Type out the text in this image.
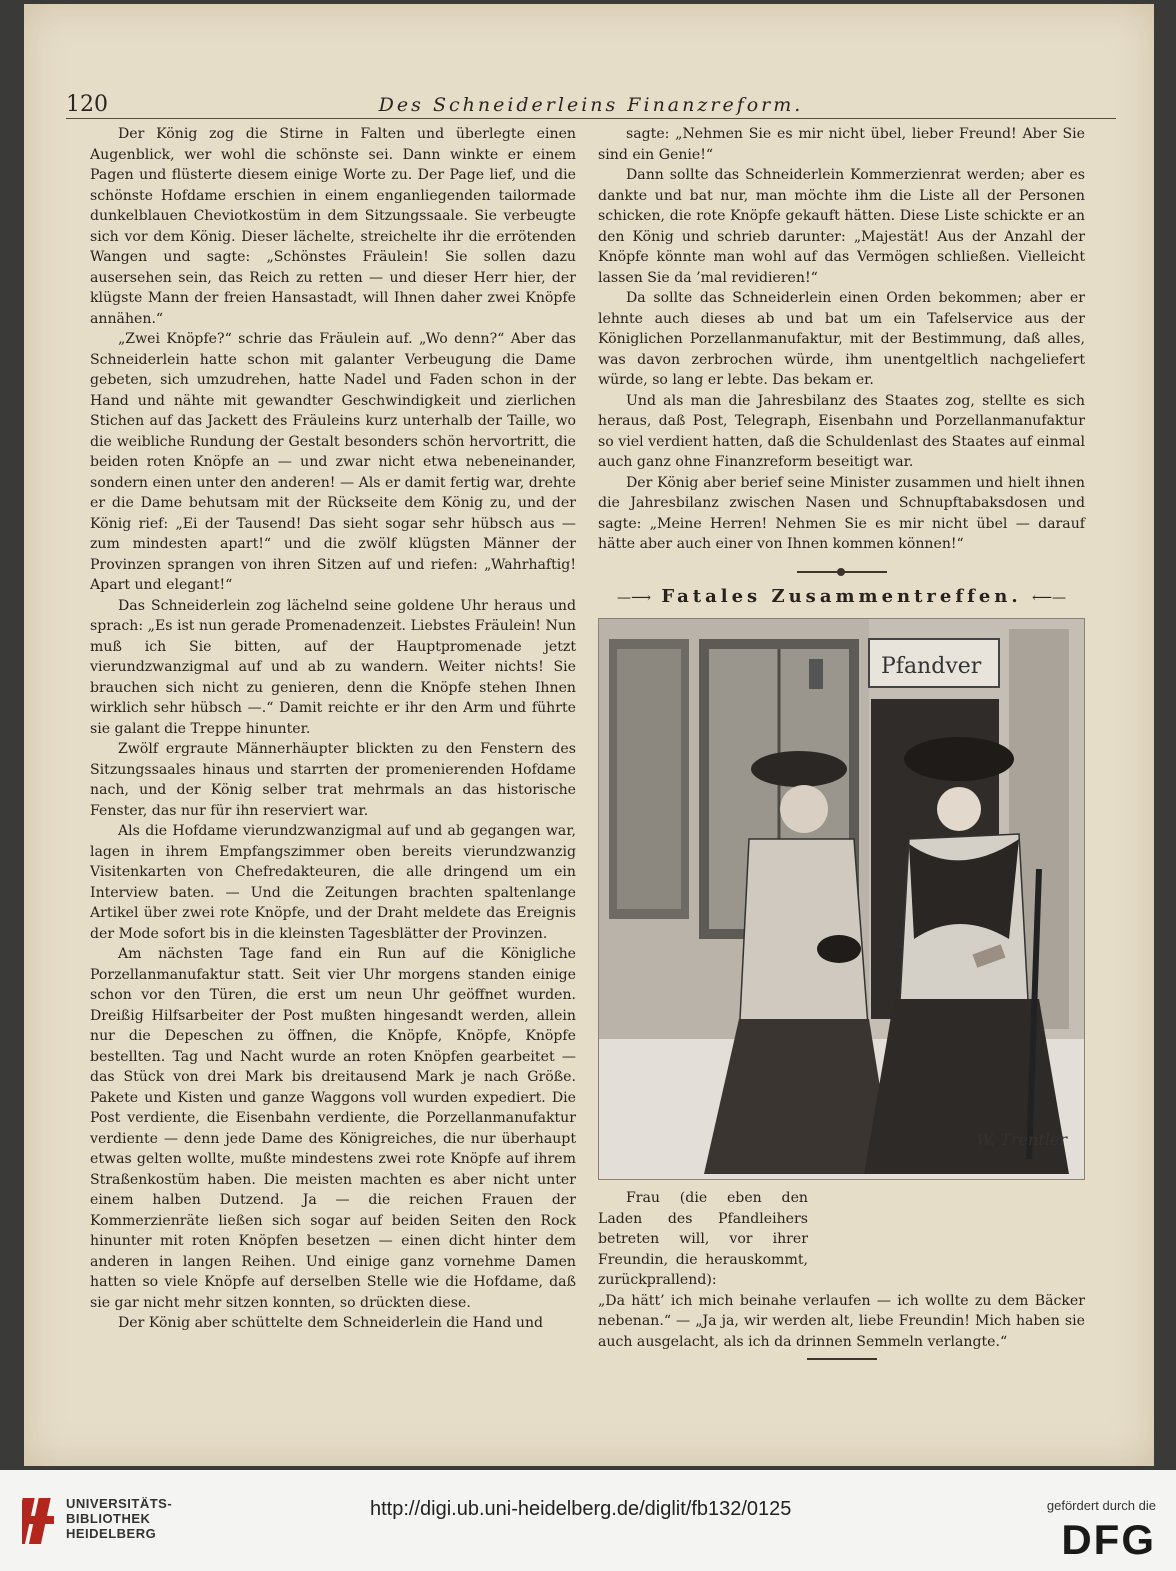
120	Des Schneiderleins Finanzreform.

Der König zog die Stirne in Falten und überlegte einen Augenblick, wer wohl die schönste sei. Dann winkte er einem Pagen und flüsterte diesem einige Worte zu. Der Page lief, und die schönste Hofdame erschien in einem enganliegenden tailormade dunkelblauen Cheviotkostüm in dem Sitzungssaale. Sie verbeugte sich vor dem König. Dieser lächelte, streichelte ihr die errötenden Wangen und sagte: „Schönstes Fräulein! Sie sollen dazu ausersehen sein, das Reich zu retten — und dieser Herr hier, der klügste Mann der freien Hansastadt, will Ihnen daher zwei Knöpfe annähen.“

„Zwei Knöpfe?“ schrie das Fräulein auf. „Wo denn?“ Aber das Schneiderlein hatte schon mit galanter Verbeugung die Dame gebeten, sich umzudrehen, hatte Nadel und Faden schon in der Hand und nähte mit gewandter Geschwindigkeit und zierlichen Stichen auf das Jackett des Fräuleins kurz unterhalb der Taille, wo die weibliche Rundung der Gestalt besonders schön hervortritt, die beiden roten Knöpfe an — und zwar nicht etwa nebeneinander, sondern einen unter den anderen! — Als er damit fertig war, drehte er die Dame behutsam mit der Rückseite dem König zu, und der König rief: „Ei der Tausend! Das sieht sogar sehr hübsch aus — zum mindesten apart!“ und die zwölf klügsten Männer der Provinzen sprangen von ihren Sitzen auf und riefen: „Wahrhaftig! Apart und elegant!“

Das Schneiderlein zog lächelnd seine goldene Uhr heraus und sprach: „Es ist nun gerade Promenadenzeit. Liebstes Fräulein! Nun muß ich Sie bitten, auf der Hauptpromenade jetzt vierundzwanzigmal auf und ab zu wandern. Weiter nichts! Sie brauchen sich nicht zu genieren, denn die Knöpfe stehen Ihnen wirklich sehr hübsch —.“ Damit reichte er ihr den Arm und führte sie galant die Treppe hinunter.

Zwölf ergraute Männerhäupter blickten zu den Fenstern des Sitzungssaales hinaus und starrten der promenierenden Hofdame nach, und der König selber trat mehrmals an das historische Fenster, das nur für ihn reserviert war.

Als die Hofdame vierundzwanzigmal auf und ab gegangen war, lagen in ihrem Empfangszimmer oben bereits vierundzwanzig Visitenkarten von Chefredakteuren, die alle dringend um ein Interview baten. — Und die Zeitungen brachten spaltenlange Artikel über zwei rote Knöpfe, und der Draht meldete das Ereignis der Mode sofort bis in die kleinsten Tagesblätter der Provinzen.

Am nächsten Tage fand ein Run auf die Königliche Porzellanmanufaktur statt. Seit vier Uhr morgens standen einige schon vor den Türen, die erst um neun Uhr geöffnet wurden. Dreißig Hilfsarbeiter der Post mußten hingesandt werden, allein nur die Depeschen zu öffnen, die Knöpfe, Knöpfe, Knöpfe bestellten. Tag und Nacht wurde an roten Knöpfen gearbeitet — das Stück von drei Mark bis dreitausend Mark je nach Größe. Pakete und Kisten und ganze Waggons voll wurden expediert. Die Post verdiente, die Eisenbahn verdiente, die Porzellanmanufaktur verdiente — denn jede Dame des Königreiches, die nur überhaupt etwas gelten wollte, mußte mindestens zwei rote Knöpfe auf ihrem Straßenkostüm haben. Die meisten machten es aber nicht unter einem halben Dutzend. Ja — die reichen Frauen der Kommerzienräte ließen sich sogar auf beiden Seiten den Rock hinunter mit roten Knöpfen besetzen — einen dicht hinter dem anderen in langen Reihen. Und einige ganz vornehme Damen hatten so viele Knöpfe auf derselben Stelle wie die Hofdame, daß sie gar nicht mehr sitzen konnten, so drückten diese.

Der König aber schüttelte dem Schneiderlein die Hand und

sagte: „Nehmen Sie es mir nicht übel, lieber Freund! Aber Sie sind ein Genie!“

Dann sollte das Schneiderlein Kommerzienrat werden; aber es dankte und bat nur, man möchte ihm die Liste all der Personen schicken, die rote Knöpfe gekauft hätten. Diese Liste schickte er an den König und schrieb darunter: „Majestät! Aus der Anzahl der Knöpfe könnte man wohl auf das Vermögen schließen. Vielleicht lassen Sie da ’mal revidieren!“

Da sollte das Schneiderlein einen Orden bekommen; aber er lehnte auch dieses ab und bat um ein Tafelservice aus der Königlichen Porzellanmanufaktur, mit der Bestimmung, daß alles, was davon zerbrochen würde, ihm unentgeltlich nachgeliefert würde, so lang er lebte. Das bekam er.

Und als man die Jahresbilanz des Staates zog, stellte es sich heraus, daß Post, Telegraph, Eisenbahn und Porzellanmanufaktur so viel verdient hatten, daß die Schuldenlast des Staates auf einmal auch ganz ohne Finanzreform beseitigt war.

Der König aber berief seine Minister zusammen und hielt ihnen die Jahresbilanz zwischen Nasen und Schnupftabaksdosen und sagte: „Meine Herren! Nehmen Sie es mir nicht übel — darauf hätte aber auch einer von Ihnen kommen können!“

—⟶ Fatales Zusammentreffen. ⟵—
Pfandver

Frau (die eben den Laden des Pfandleihers betreten will, vor ihrer Freundin, die herauskommt, zurückprallend):

W. Trentler
„Da hätt’ ich mich beinahe verlaufen — ich wollte zu dem Bäcker nebenan.“ — „Ja ja, wir werden alt, liebe Freundin! Mich haben sie auch ausgelacht, als ich da drinnen Semmeln verlangte.“
UNIVERSITÄTS-
BIBLIOTHEK
HEIDELBERG
http://digi.ub.uni-heidelberg.de/diglit/fb132/0125	gefördert durch die
DFG
